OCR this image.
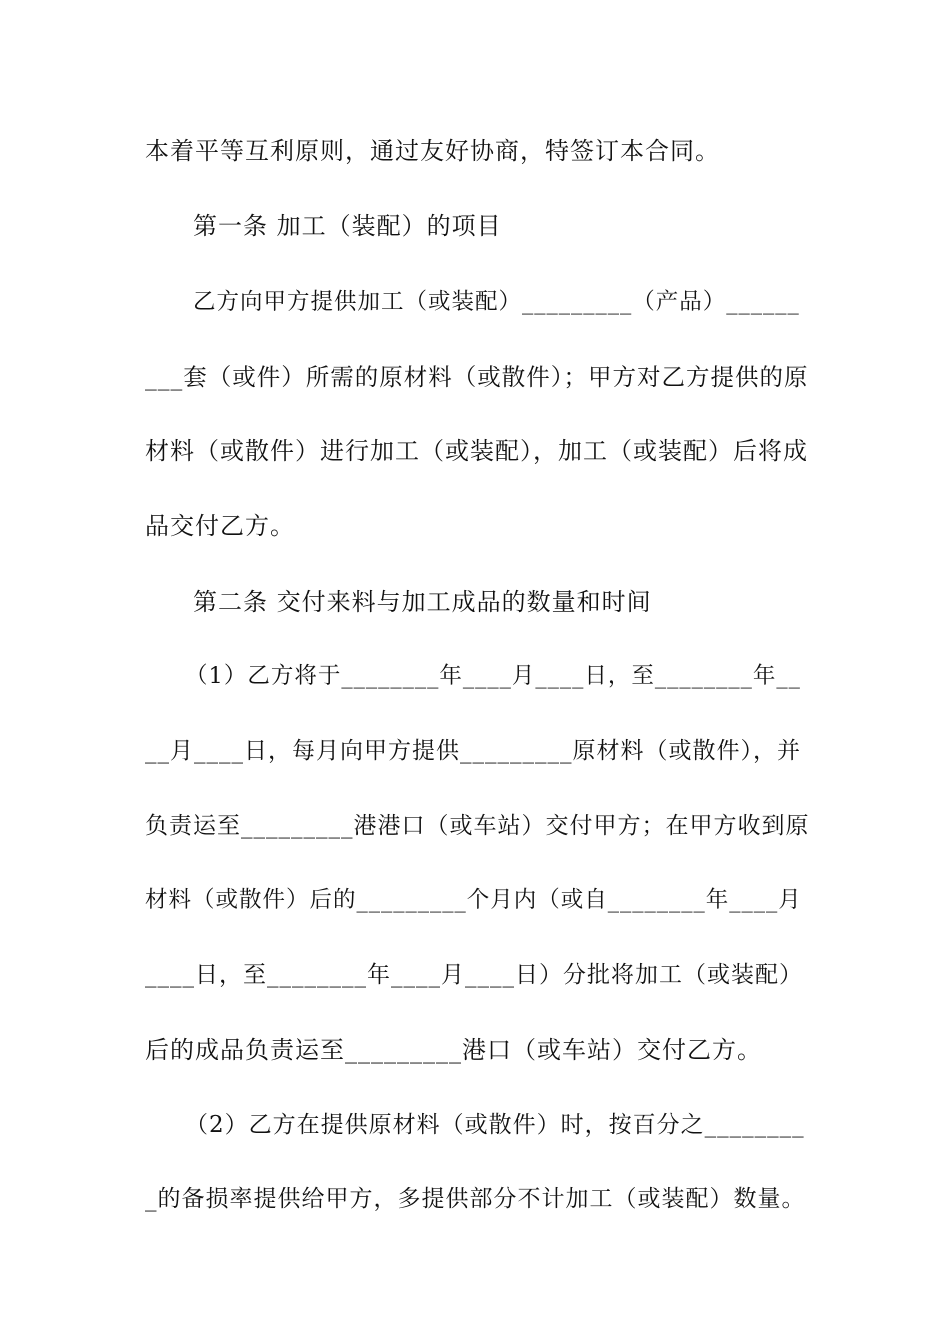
本着平等互利原则，通过友好协商，特签订本合同。
第一条 加工（装配）的项目
乙方向甲方提供加工（或装配）_________（产品）______
___套（或件）所需的原材料（或散件）；甲方对乙方提供的原
材料（或散件）进行加工（或装配），加工（或装配）后将成
品交付乙方。
第二条 交付来料与加工成品的数量和时间
（1）乙方将于________年____月____日，至________年__
__月____日，每月向甲方提供_________原材料（或散件），并
负责运至_________港港口（或车站）交付甲方；在甲方收到原
材料（或散件）后的_________个月内（或自________年____月
____日，至________年____月____日）分批将加工（或装配）
后的成品负责运至_________港口（或车站）交付乙方。
（2）乙方在提供原材料（或散件）时，按百分之________
_的备损率提供给甲方，多提供部分不计加工（或装配）数量。
